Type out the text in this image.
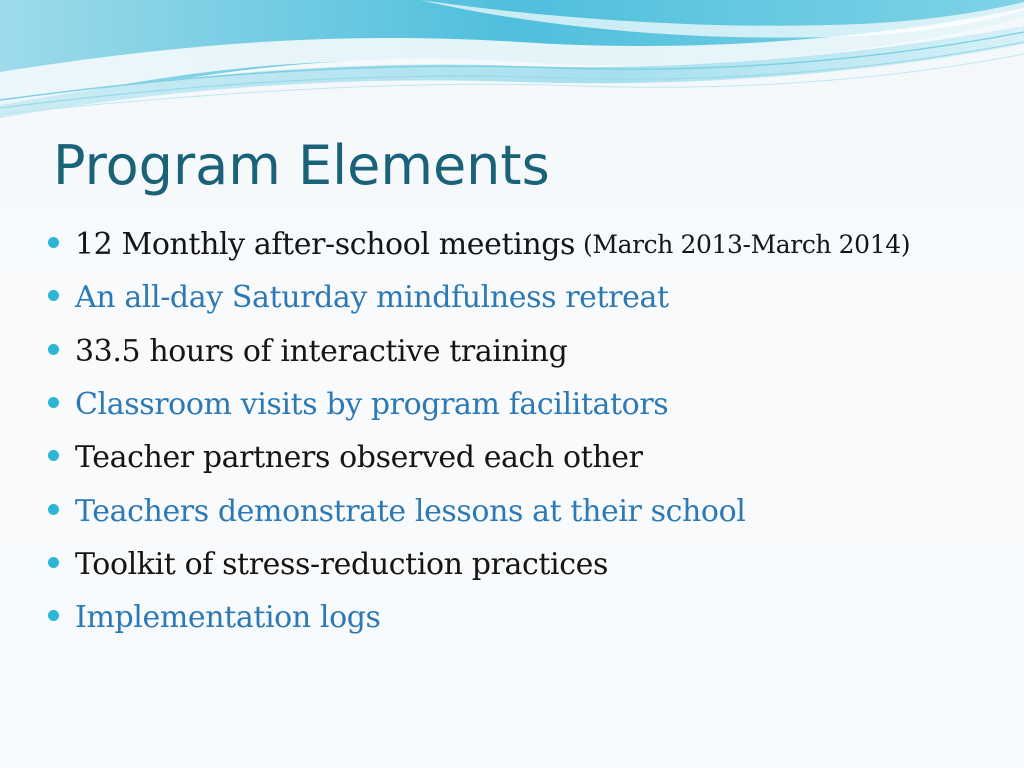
Program Elements
12 Monthly after-school meetings (March 2013-March 2014)
An all-day Saturday mindfulness retreat
33.5 hours of interactive training
Classroom visits by program facilitators
Teacher partners observed each other
Teachers demonstrate lessons at their school
Toolkit of stress-reduction practices
Implementation logs
